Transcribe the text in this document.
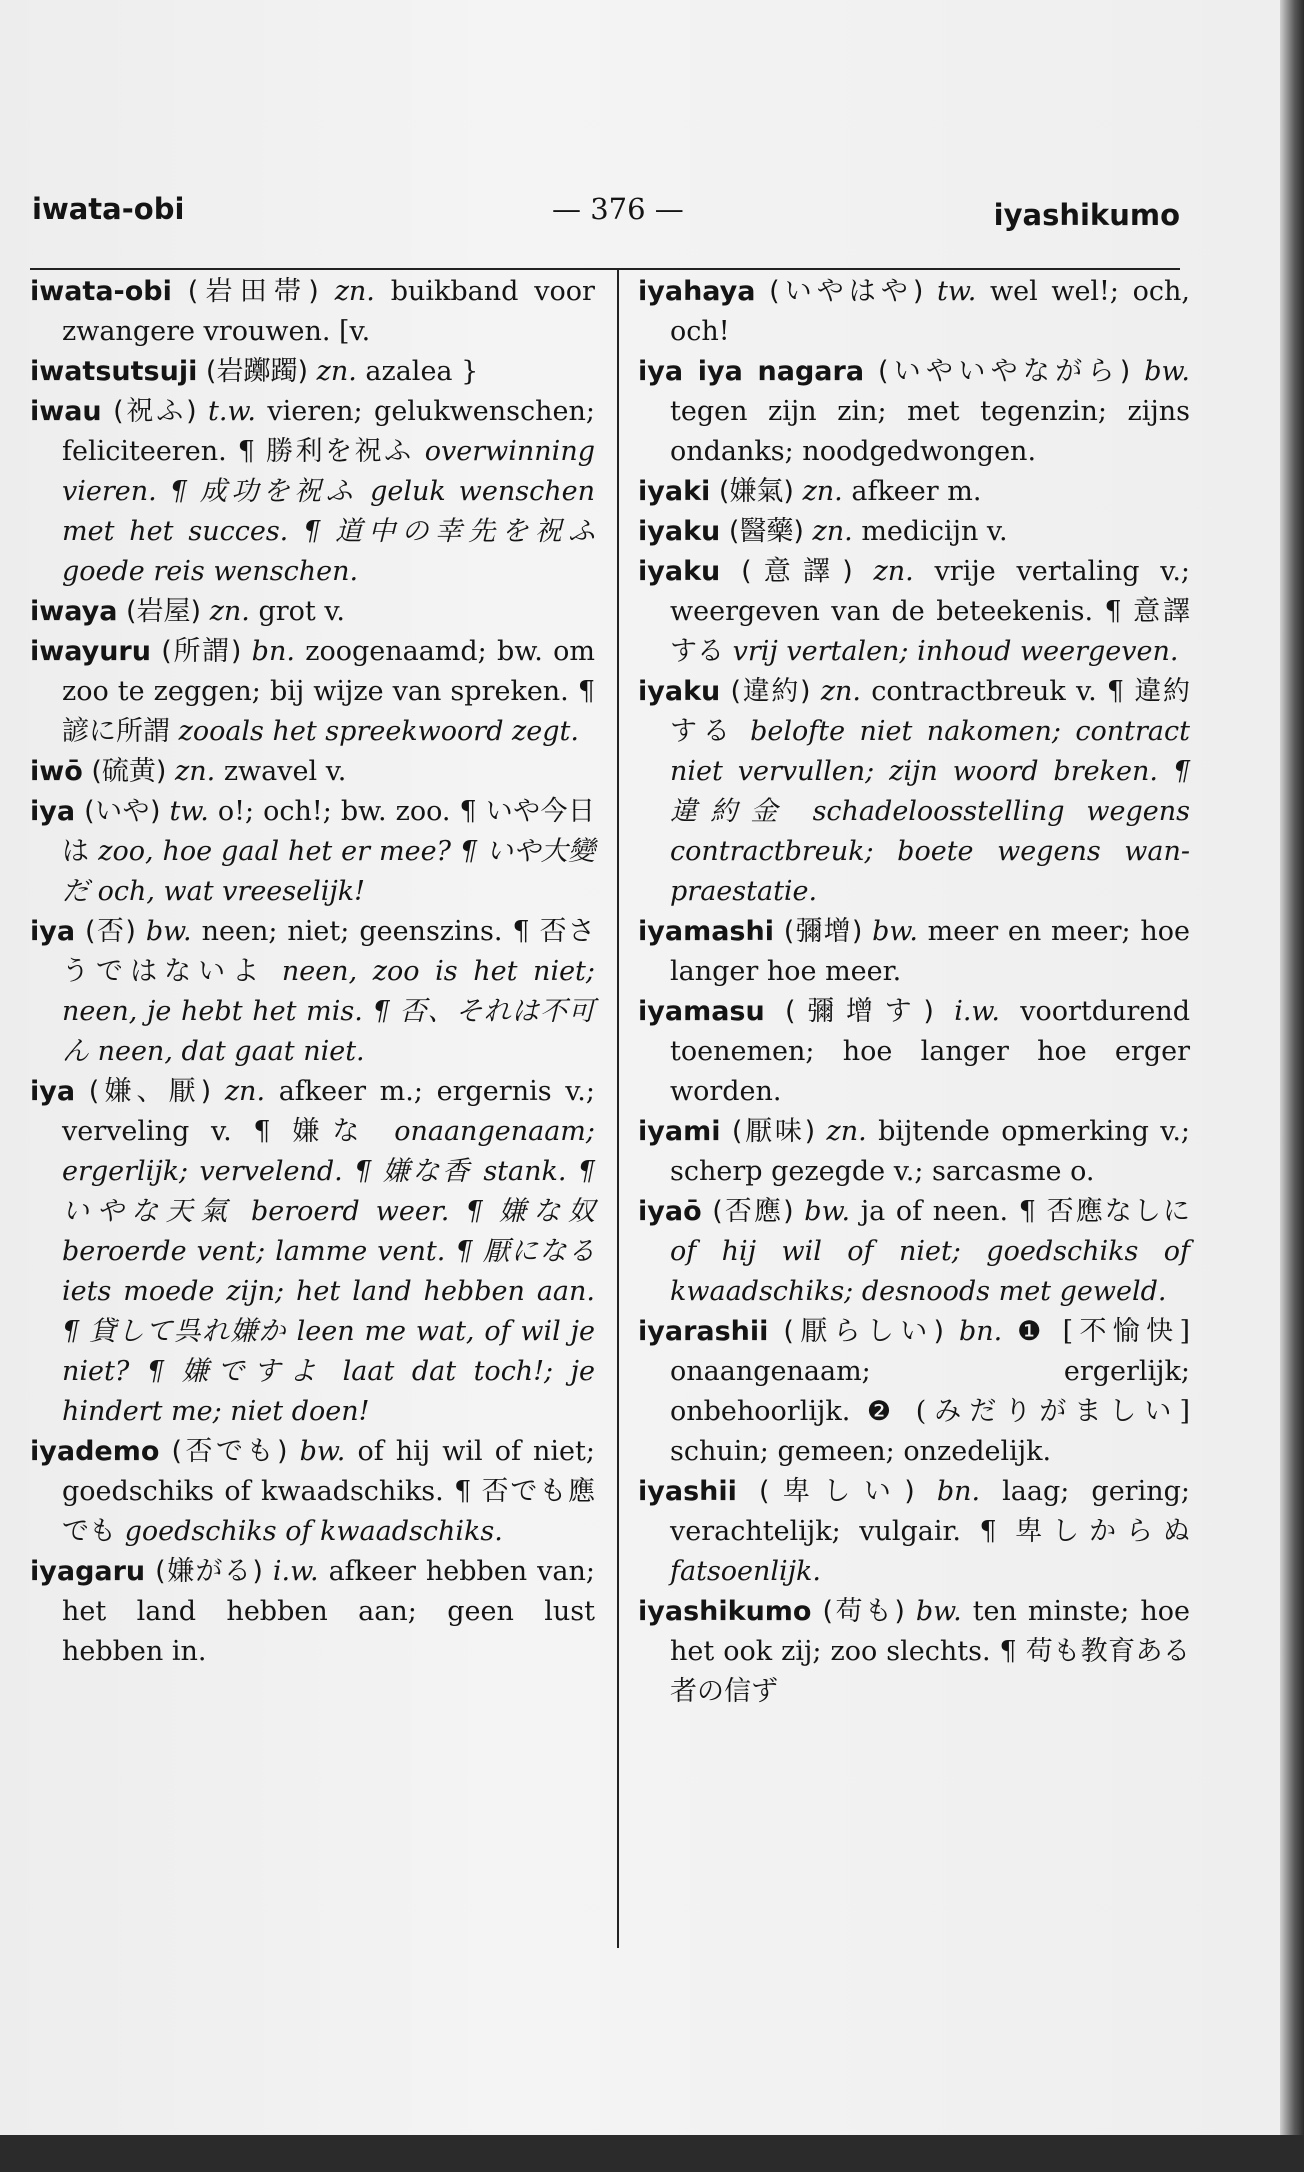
iwata-obi	— 376 —	iyashikumo

iwata-obi (岩田帯) zn. buikband voor zwangere vrouwen. [v.

iwatsutsuji (岩躑躅) zn. azalea }

iwau (祝ふ) t.w. vieren; gelukwenschen; feliciteeren. ¶ 勝利を祝ふ overwinning vieren. ¶ 成功を祝ふ geluk wenschen met het succes. ¶ 道中の幸先を祝ふ goede reis wenschen.

iwaya (岩屋) zn. grot v.

iwayuru (所謂) bn. zoogenaamd; bw. om zoo te zeggen; bij wijze van spreken. ¶ 諺に所謂 zooals het spreekwoord zegt.

iwō (硫黄) zn. zwavel v.

iya (いや) tw. o!; och!; bw. zoo. ¶ いや今日は zoo, hoe gaal het er mee? ¶ いや大變だ och, wat vreeselijk!

iya (否) bw. neen; niet; geenszins. ¶ 否さうではないよ neen, zoo is het niet; neen, je hebt het mis. ¶ 否、それは不可ん neen, dat gaat niet.

iya (嫌、厭) zn. afkeer m.; ergernis v.; verveling v. ¶ 嫌な onaangenaam; ergerlijk; vervelend. ¶ 嫌な香 stank. ¶ いやな天氣 beroerd weer. ¶ 嫌な奴 beroerde vent; lamme vent. ¶ 厭になる iets moede zijn; het land hebben aan. ¶ 貸して呉れ嫌か leen me wat, of wil je niet? ¶ 嫌ですよ laat dat toch!; je hindert me; niet doen!

iyademo (否でも) bw. of hij wil of niet; goedschiks of kwaadschiks. ¶ 否でも應でも goedschiks of kwaadschiks.

iyagaru (嫌がる) i.w. afkeer hebben van; het land hebben aan; geen lust hebben in.

iyahaya (いやはや) tw. wel wel!; och, och!

iya iya nagara (いやいやながら) bw. tegen zijn zin; met tegenzin; zijns ondanks; noodgedwongen.

iyaki (嫌氣) zn. afkeer m.

iyaku (醫藥) zn. medicijn v.

iyaku (意譯) zn. vrije vertaling v.; weergeven van de beteekenis. ¶ 意譯する vrij vertalen; inhoud weergeven.

iyaku (違約) zn. contractbreuk v. ¶ 違約する belofte niet nakomen; contract niet vervullen; zijn woord breken. ¶ 違約金 schadeloosstelling wegens contractbreuk; boete wegens wanpraestatie.

iyamashi (彌增) bw. meer en meer; hoe langer hoe meer.

iyamasu (彌增す) i.w. voortdurend toenemen; hoe langer hoe erger worden.

iyami (厭味) zn. bijtende opmerking v.; scherp gezegde v.; sarcasme o.

iyaō (否應) bw. ja of neen. ¶ 否應なしに of hij wil of niet; goedschiks of kwaadschiks; desnoods met geweld.

iyarashii (厭らしい) bn. ❶ [不愉快] onaangenaam; ergerlijk; onbehoorlijk. ❷ (みだりがましい] schuin; gemeen; onzedelijk.

iyashii (卑しい) bn. laag; gering; verachtelijk; vulgair. ¶ 卑しからぬ fatsoenlijk.

iyashikumo (苟も) bw. ten minste; hoe het ook zij; zoo slechts. ¶ 苟も教育ある者の信ず
